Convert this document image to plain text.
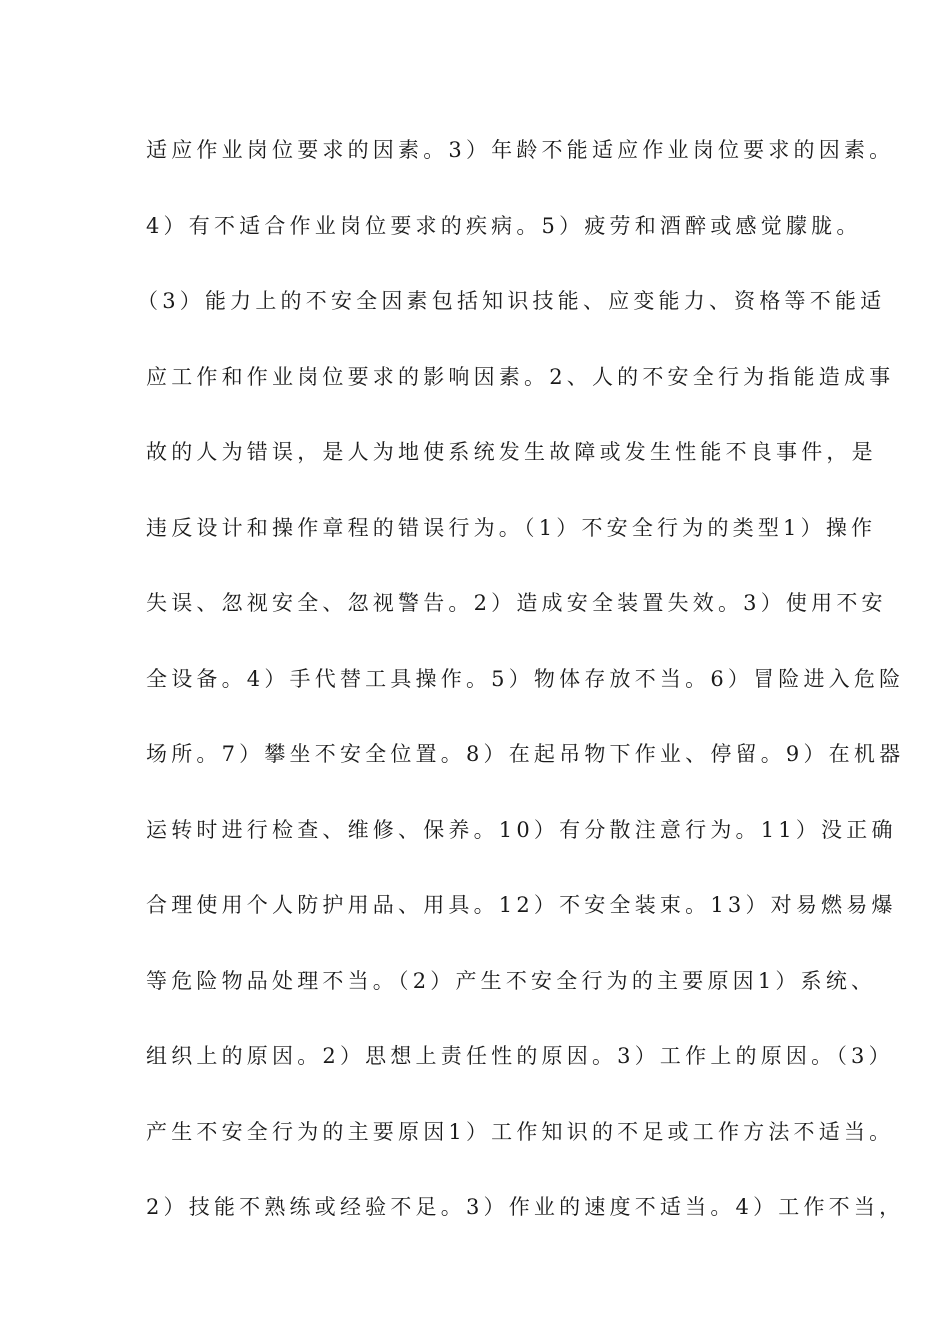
适应作业岗位要求的因素。3）年龄不能适应作业岗位要求的因素。
4）有不适合作业岗位要求的疾病。5）疲劳和酒醉或感觉朦胧。
（3）能力上的不安全因素包括知识技能、应变能力、资格等不能适
应工作和作业岗位要求的影响因素。2、人的不安全行为指能造成事
故的人为错误，是人为地使系统发生故障或发生性能不良事件，是
违反设计和操作章程的错误行为。（1）不安全行为的类型1）操作
失误、忽视安全、忽视警告。2）造成安全装置失效。3）使用不安
全设备。4）手代替工具操作。5）物体存放不当。6）冒险进入危险
场所。7）攀坐不安全位置。8）在起吊物下作业、停留。9）在机器
运转时进行检查、维修、保养。10）有分散注意行为。11）没正确
合理使用个人防护用品、用具。12）不安全装束。13）对易燃易爆
等危险物品处理不当。（2）产生不安全行为的主要原因1）系统、
组织上的原因。2）思想上责任性的原因。3）工作上的原因。（3）
产生不安全行为的主要原因1）工作知识的不足或工作方法不适当。
2）技能不熟练或经验不足。3）作业的速度不适当。4）工作不当，
